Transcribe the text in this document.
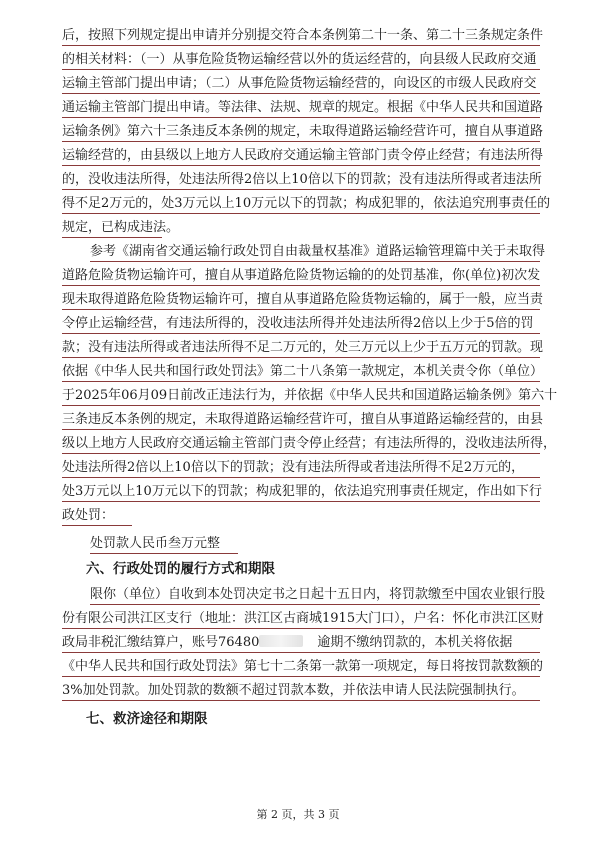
后，按照下列规定提出申请并分别提交符合本条例第二十一条、第二十三条规定条件
的相关材料：（一）从事危险货物运输经营以外的货运经营的，向县级人民政府交通
运输主管部门提出申请；（二）从事危险货物运输经营的，向设区的市级人民政府交
通运输主管部门提出申请。等法律、法规、规章的规定。根据《中华人民共和国道路
运输条例》第六十三条违反本条例的规定，未取得道路运输经营许可，擅自从事道路
运输经营的，由县级以上地方人民政府交通运输主管部门责令停止经营；有违法所得
的，没收违法所得，处违法所得2倍以上10倍以下的罚款；没有违法所得或者违法所
得不足2万元的，处3万元以上10万元以下的罚款；构成犯罪的，依法追究刑事责任的
规定，已构成违法。
参考《湖南省交通运输行政处罚自由裁量权基准》道路运输管理篇中关于未取得
道路危险货物运输许可，擅自从事道路危险货物运输的的处罚基准，你(单位)初次发
现未取得道路危险货物运输许可，擅自从事道路危险货物运输的，属于一般，应当责
令停止运输经营，有违法所得的，没收违法所得并处违法所得2倍以上少于5倍的罚
款；没有违法所得或者违法所得不足二万元的，处三万元以上少于五万元的罚款。现
依据《中华人民共和国行政处罚法》第二十八条第一款规定，本机关责令你（单位）
于2025年06月09日前改正违法行为，并依据《中华人民共和国道路运输条例》第六十
三条违反本条例的规定，未取得道路运输经营许可，擅自从事道路运输经营的，由县
级以上地方人民政府交通运输主管部门责令停止经营；有违法所得的，没收违法所得，
处违法所得2倍以上10倍以下的罚款；没有违法所得或者违法所得不足2万元的，
处3万元以上10万元以下的罚款；构成犯罪的，依法追究刑事责任规定，作出如下行
政处罚：
处罚款人民币叁万元整
六、行政处罚的履行方式和期限
限你（单位）自收到本处罚决定书之日起十五日内，将罚款缴至中国农业银行股
份有限公司洪江区支行（地址：洪江区古商城1915大门口），户名：怀化市洪江区财
政局非税汇缴结算户，账号76480	逾期不缴纳罚款的，本机关将依据
《中华人民共和国行政处罚法》第七十二条第一款第一项规定，每日将按罚款数额的
3%加处罚款。加处罚款的数额不超过罚款本数，并依法申请人民法院强制执行。
七、救济途径和期限
第 2 页，共 3 页
